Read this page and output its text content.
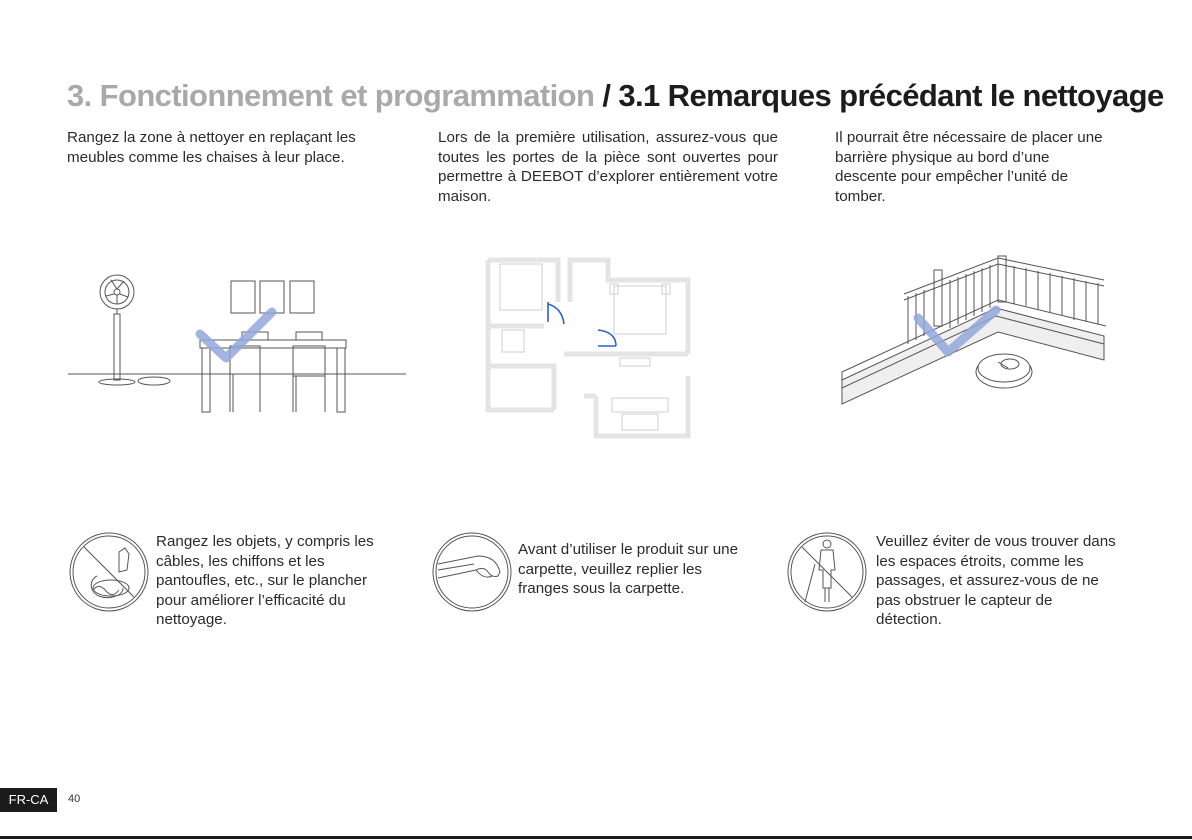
3. Fonctionnement et programmation / 3.1 Remarques précédant le nettoyage

Rangez la zone à nettoyer en replaçant les meubles comme les chaises à leur place.

Lors de la première utilisation, assurez-vous que toutes les portes de la pièce sont ouvertes pour permettre à DEEBOT d’explorer entièrement votre maison.

Il pourrait être nécessaire de placer une barrière physique au bord d’une descente pour empêcher l’unité de tomber.

Rangez les objets, y compris les câbles, les chiffons et les pantoufles, etc., sur le plancher pour améliorer l’efficacité du nettoyage.

Avant d’utiliser le produit sur une carpette, veuillez replier les franges sous la carpette.

Veuillez éviter de vous trouver dans les espaces étroits, comme les passages, et assurez-vous de ne pas obstruer le capteur de détection.

FR-CA	40
